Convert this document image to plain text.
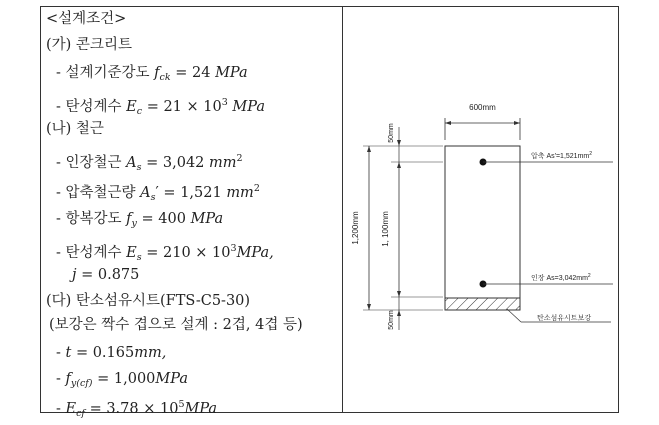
<설계조건>
(가) 콘크리트
- 설계기준강도 $f_{ck} = 24$ MPa
- 탄성계수 $E_c = 21 \times 10^3$ MPa
(나) 철근
- 인장철근 $A_s = 3,042$ $mm^2$
- 압축철근량 $A_s' = 1,521$ $mm^2$
- 항복강도 $f_y = 400$ MPa
- 탄성계수 $E_s = 210 \times 10^3MPa$,
j = 0.875
(다) 탄소섬유시트(FTS-C5-30)
(보강은 짝수 겹으로 설계 : 2겹, 4겹 등)
- t = 0.165mm,
- $f_{y(cf)} = 1,000MPa$
- $E_{cf} = 3.78 \times 10^5MPa$
600mm
압축 $As'=1,521mm^2$
인장 $As=3,042mm^2$
탄소섬유시트보강
1,200mm	1, 100mm
50mm
50mm
